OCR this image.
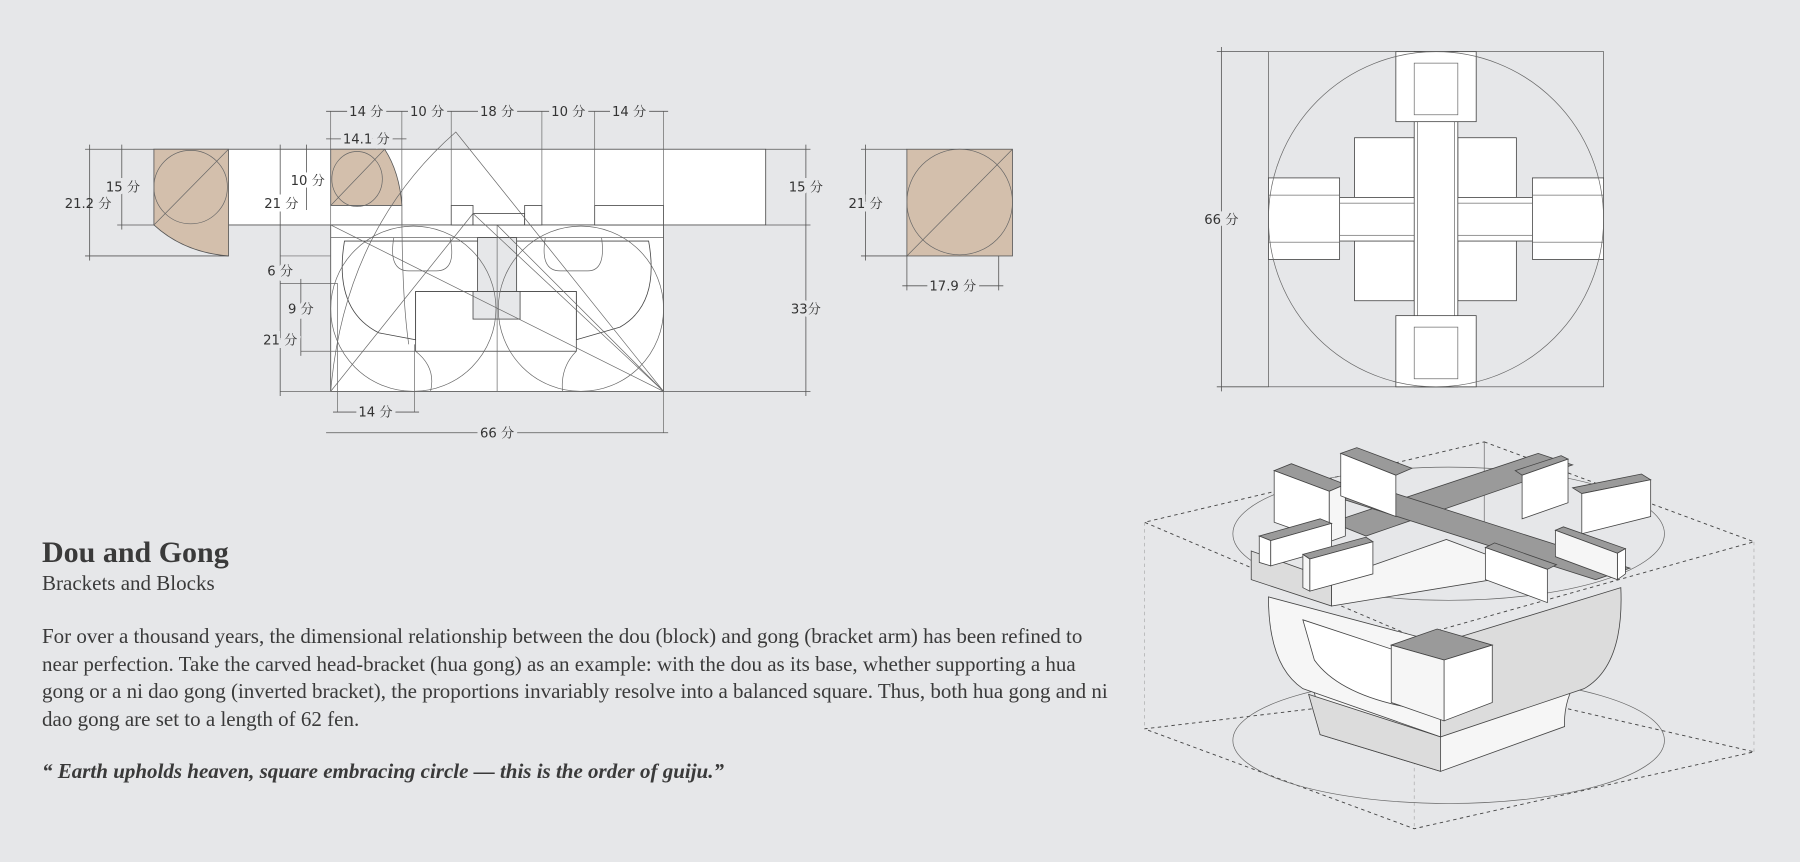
14 分 10 分	18 分	10 分 14 分
14.1 分
21.2 分
15 分
21 分
10 分
6 分
9 分
21 分
15 分
33分
14 分
66 分
21 分
17.9 分
66 分
Dou and Gong
Brackets and Blocks
For over a thousand years, the dimensional relationship between the dou (block) and gong (bracket arm) has been refined to near perfection. Take the carved head-bracket (hua gong) as an example: with the dou as its base, whether supporting a hua gong or a ni dao gong (inverted bracket), the proportions invariably resolve into a balanced square. Thus, both hua gong and ni dao gong are set to a length of 62 fen.
“ Earth upholds heaven, square embracing circle — this is the order of guiju.”
